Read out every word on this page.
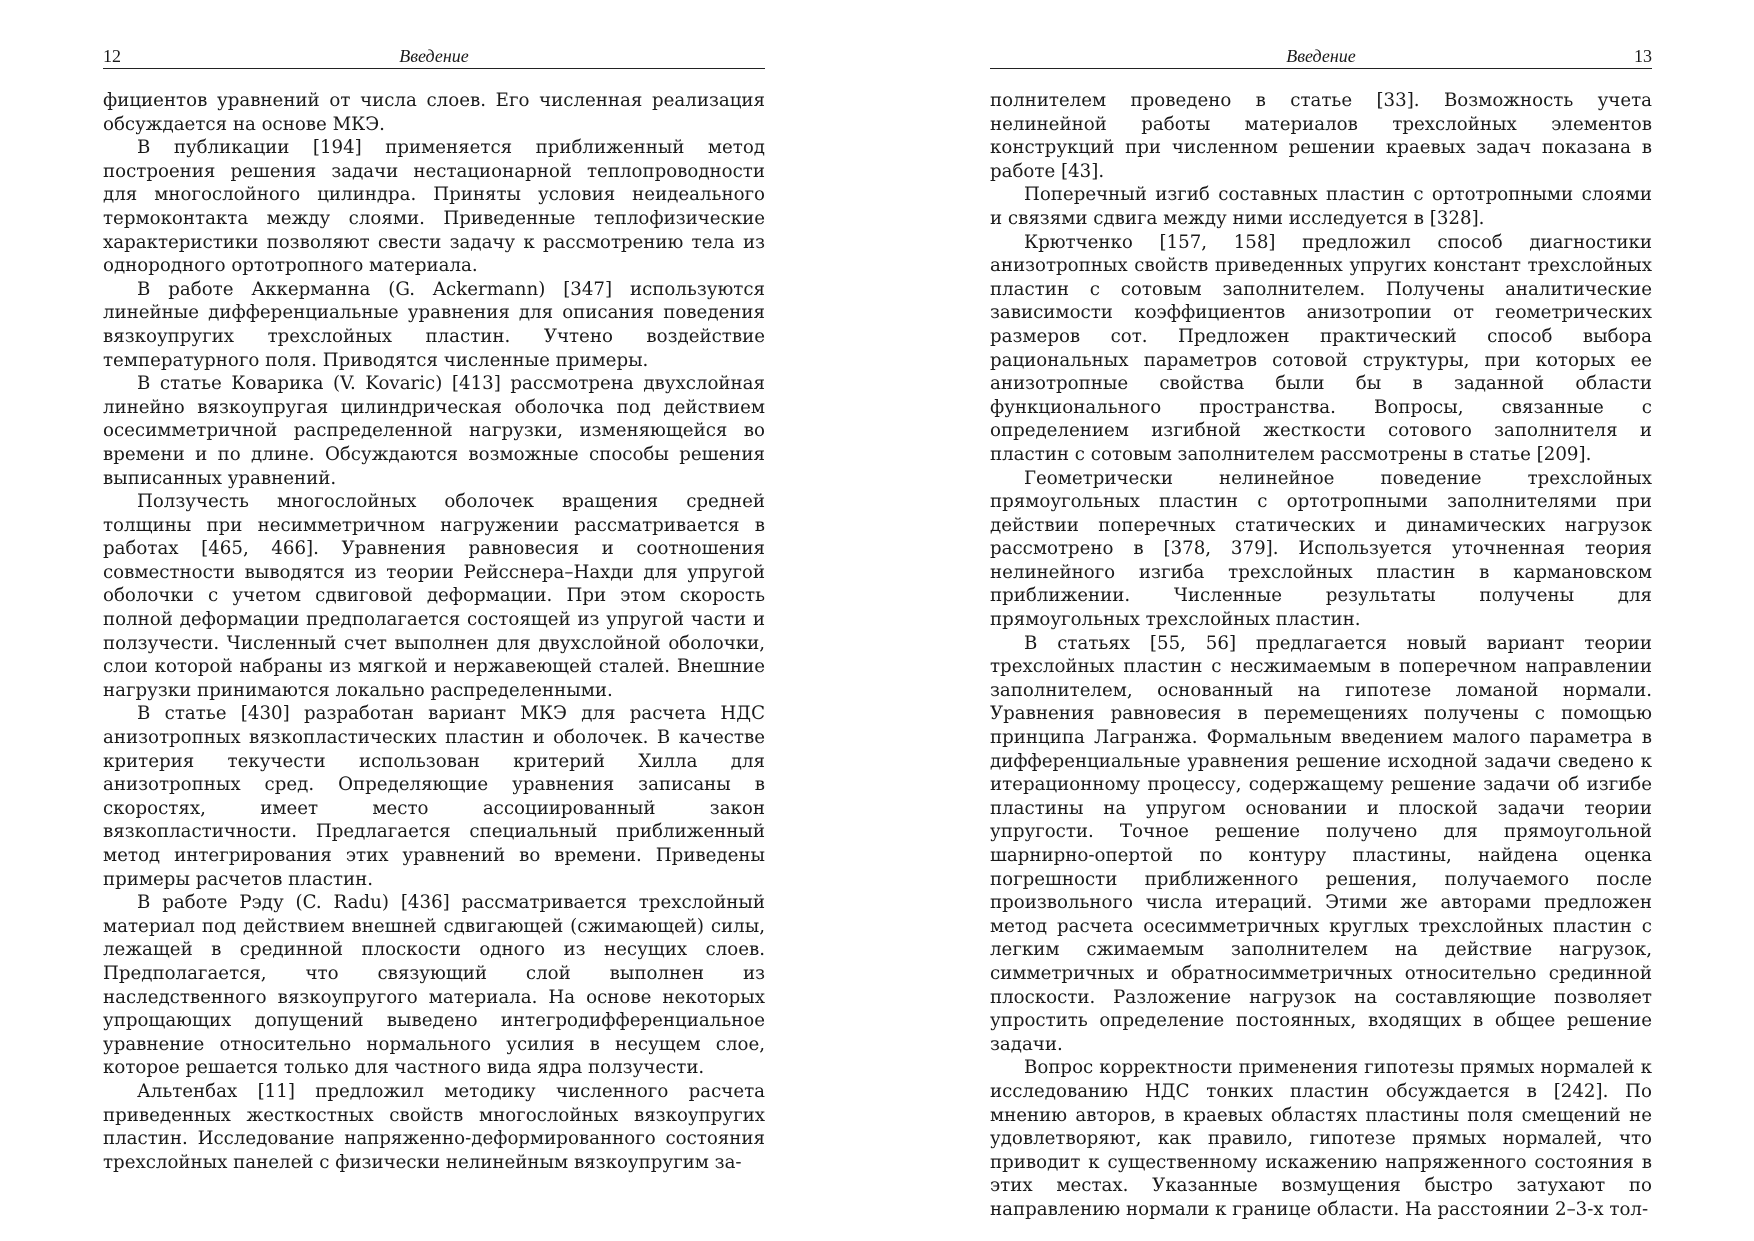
12	Введение

фициентов уравнений от числа слоев. Его численная реализация обсуждается на основе МКЭ.

В публикации [194] применяется приближенный метод построения решения задачи нестационарной теплопроводности для многослойного цилиндра. Приняты условия неидеального термоконтакта между слоями. Приведенные теплофизические характеристики позволяют свести задачу к рассмотрению тела из однородного ортотропного материала.

В работе Аккерманна (G. Ackermann) [347] используются линейные дифференциальные уравнения для описания поведения вязкоупругих трехслойных пластин. Учтено воздействие температурного поля. Приводятся численные примеры.

В статье Коварика (V. Kovaric) [413] рассмотрена двухслойная линейно вязкоупругая цилиндрическая оболочка под действием осесимметричной распределенной нагрузки, изменяющейся во времени и по длине. Обсуждаются возможные способы решения выписанных уравнений.

Ползучесть многослойных оболочек вращения средней толщины при несимметричном нагружении рассматривается в работах [465, 466]. Уравнения равновесия и соотношения совместности выводятся из теории Рейсснера–Нахди для упругой оболочки с учетом сдвиговой деформации. При этом скорость полной деформации предполагается состоящей из упругой части и ползучести. Численный счет выполнен для двухслойной оболочки, слои которой набраны из мягкой и нержавеющей сталей. Внешние нагрузки принимаются локально распределенными.

В статье [430] разработан вариант МКЭ для расчета НДС анизотропных вязкопластических пластин и оболочек. В качестве критерия текучести использован критерий Хилла для анизотропных сред. Определяющие уравнения записаны в скоростях, имеет место ассоциированный закон вязкопластичности. Предлагается специальный приближенный метод интегрирования этих уравнений во времени. Приведены примеры расчетов пластин.

В работе Рэду (C. Radu) [436] рассматривается трехслойный материал под действием внешней сдвигающей (сжимающей) силы, лежащей в срединной плоскости одного из несущих слоев. Предполагается, что связующий слой выполнен из наследственного вязкоупругого материала. На основе некоторых упрощающих допущений выведено интегродифференциальное уравнение относительно нормального усилия в несущем слое, которое решается только для частного вида ядра ползучести.

Альтенбах [11] предложил методику численного расчета приведенных жесткостных свойств многослойных вязкоупругих пластин. Исследование напряженно-деформированного состояния трехслойных панелей с физически нелинейным вязкоупругим за-

Введение	13

полнителем проведено в статье [33]. Возможность учета нелинейной работы материалов трехслойных элементов конструкций при численном решении краевых задач показана в работе [43].

Поперечный изгиб составных пластин с ортотропными слоями и связями сдвига между ними исследуется в [328].

Крютченко [157, 158] предложил способ диагностики анизотропных свойств приведенных упругих констант трехслойных пластин с сотовым заполнителем. Получены аналитические зависимости коэффициентов анизотропии от геометрических размеров сот. Предложен практический способ выбора рациональных параметров сотовой структуры, при которых ее анизотропные свойства были бы в заданной области функционального пространства. Вопросы, связанные с определением изгибной жесткости сотового заполнителя и пластин с сотовым заполнителем рассмотрены в статье [209].

Геометрически нелинейное поведение трехслойных прямоугольных пластин с ортотропными заполнителями при действии поперечных статических и динамических нагрузок рассмотрено в [378, 379]. Используется уточненная теория нелинейного изгиба трехслойных пластин в кармановском приближении. Численные результаты получены для прямоугольных трехслойных пластин.

В статьях [55, 56] предлагается новый вариант теории трехслойных пластин с несжимаемым в поперечном направлении заполнителем, основанный на гипотезе ломаной нормали. Уравнения равновесия в перемещениях получены с помощью принципа Лагранжа. Формальным введением малого параметра в дифференциальные уравнения решение исходной задачи сведено к итерационному процессу, содержащему решение задачи об изгибе пластины на упругом основании и плоской задачи теории упругости. Точное решение получено для прямоугольной шарнирно-опертой по контуру пластины, найдена оценка погрешности приближенного решения, получаемого после произвольного числа итераций. Этими же авторами предложен метод расчета осесимметричных круглых трехслойных пластин с легким сжимаемым заполнителем на действие нагрузок, симметричных и обратносимметричных относительно срединной плоскости. Разложение нагрузок на составляющие позволяет упростить определение постоянных, входящих в общее решение задачи.

Вопрос корректности применения гипотезы прямых нормалей к исследованию НДС тонких пластин обсуждается в [242]. По мнению авторов, в краевых областях пластины поля смещений не удовлетворяют, как правило, гипотезе прямых нормалей, что приводит к существенному искажению напряженного состояния в этих местах. Указанные возмущения быстро затухают по направлению нормали к границе области. На расстоянии 2–3-х тол-
